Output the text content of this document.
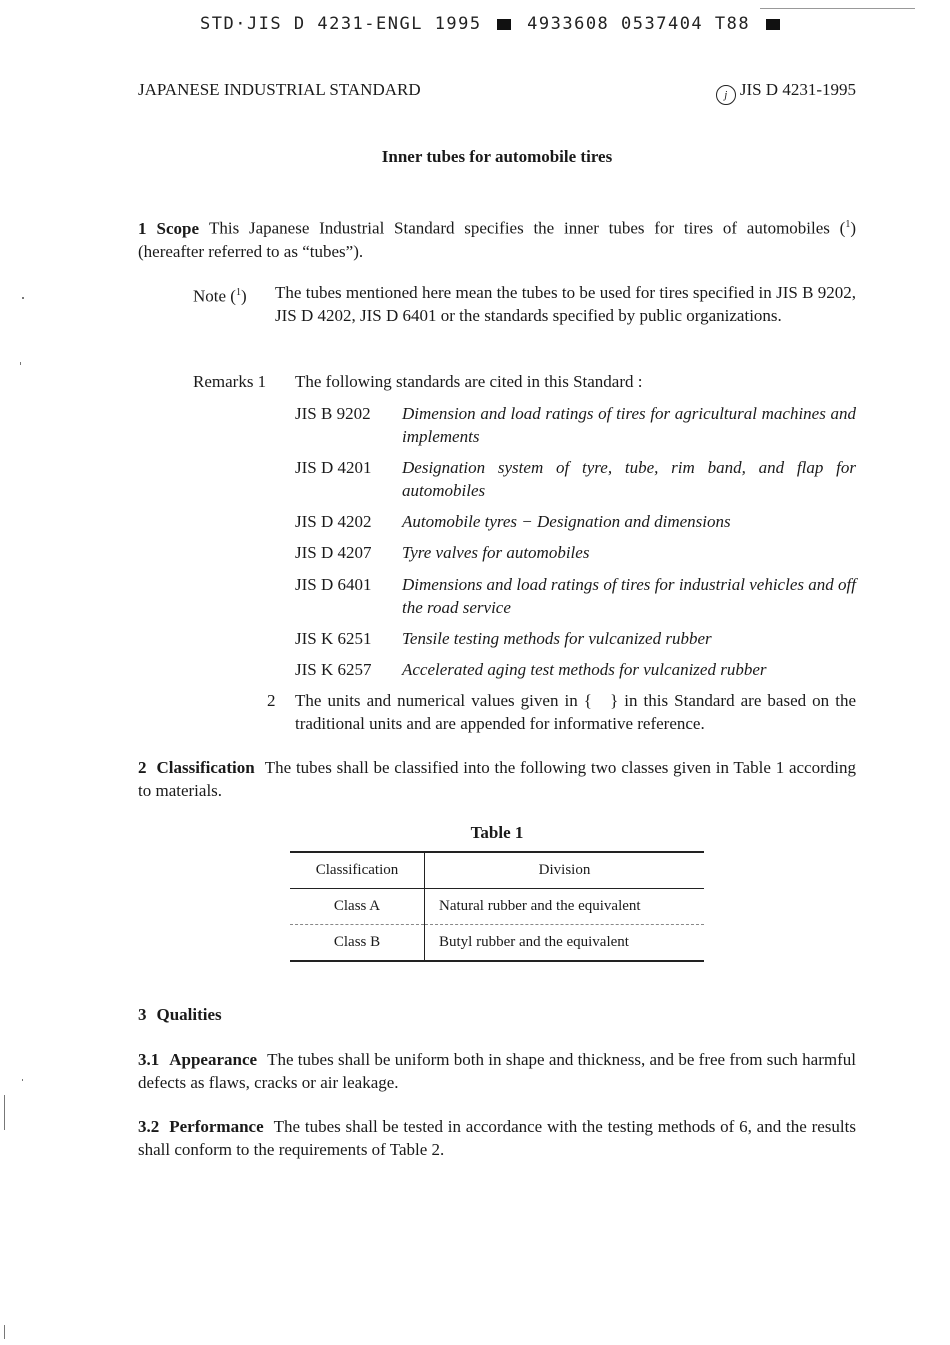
STD·JIS D 4231-ENGL 1995	4933608 0537404 T88
JAPANESE INDUSTRIAL STANDARD	j JIS D 4231-1995
Inner tubes for automobile tires
1 Scope This Japanese Industrial Standard specifies the inner tubes for tires of automobiles ($^1$) (hereafter referred to as “tubes”).
Note ($^1$) The tubes mentioned here mean the tubes to be used for tires specified in JIS B 9202, JIS D 4202, JIS D 6401 or the standards specified by public organizations.
Remarks 1 The following standards are cited in this Standard :
JIS B 9202 Dimension and load ratings of tires for agricultural machines and implements
JIS D 4201 Designation system of tyre, tube, rim band, and flap for automobiles
JIS D 4202 Automobile tyres − Designation and dimensions
JIS D 4207 Tyre valves for automobiles
JIS D 6401 Dimensions and load ratings of tires for industrial vehicles and off the road service
JIS K 6251 Tensile testing methods for vulcanized rubber
JIS K 6257 Accelerated aging test methods for vulcanized rubber
2 The units and numerical values given in {   } in this Standard are based on the traditional units and are appended for informative reference.
2 Classification The tubes shall be classified into the following two classes given in Table 1 according to materials.
Table 1
Classification	Division
Class A	Natural rubber and the equivalent
Class B	Butyl rubber and the equivalent
3 Qualities
3.1 Appearance The tubes shall be uniform both in shape and thickness, and be free from such harmful defects as flaws, cracks or air leakage.
3.2 Performance The tubes shall be tested in accordance with the testing methods of 6, and the results shall conform to the requirements of Table 2.
